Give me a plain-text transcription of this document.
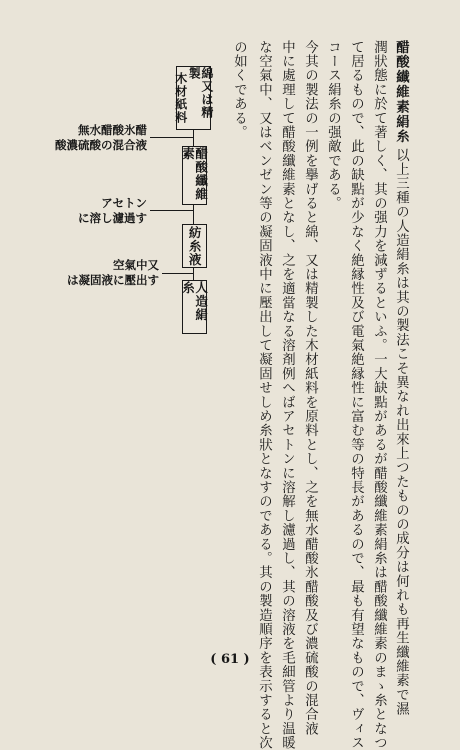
醋酸纎維素絹糸
以上三種の人造絹糸は其の製法こそ異なれ出來上つたものの成分は何れも再生纖維素で濕
潤狀態に於て著しく、其の强力を減ずるといふ。一大缺點があるが醋酸纖維素絹糸は醋酸纖維素のまゝ糸となつ
て居るもので、此の缺點が少なく絶縁性及び電氣絶縁性に富む等の特長があるので、最も有望なもので、ヴィス
コース絹糸の强敵である。
今其の製法の一例を擧げると綿、又は精製した木材紙料を原料とし、之を無水醋酸氷醋酸及び濃硫酸の混合液
中に處理して醋酸纖維素となし、之を適當なる溶剤例へばアセトンに溶解し濾過し、其の溶液を毛細管より温暖
な空氣中、又はベンゼン等の凝固液中に壓出して凝固せしめ糸狀となすのである。其の製造順序を表示すると次
の如くである。
木材紙料	綿又は精製
醋酸纖維素
紡糸液
人造絹糸
無水醋酸氷醋
酸濃硫酸の混合液
アセトン
に溶し濾過す
空氣中又
は凝固液に壓出す
( 61 )
